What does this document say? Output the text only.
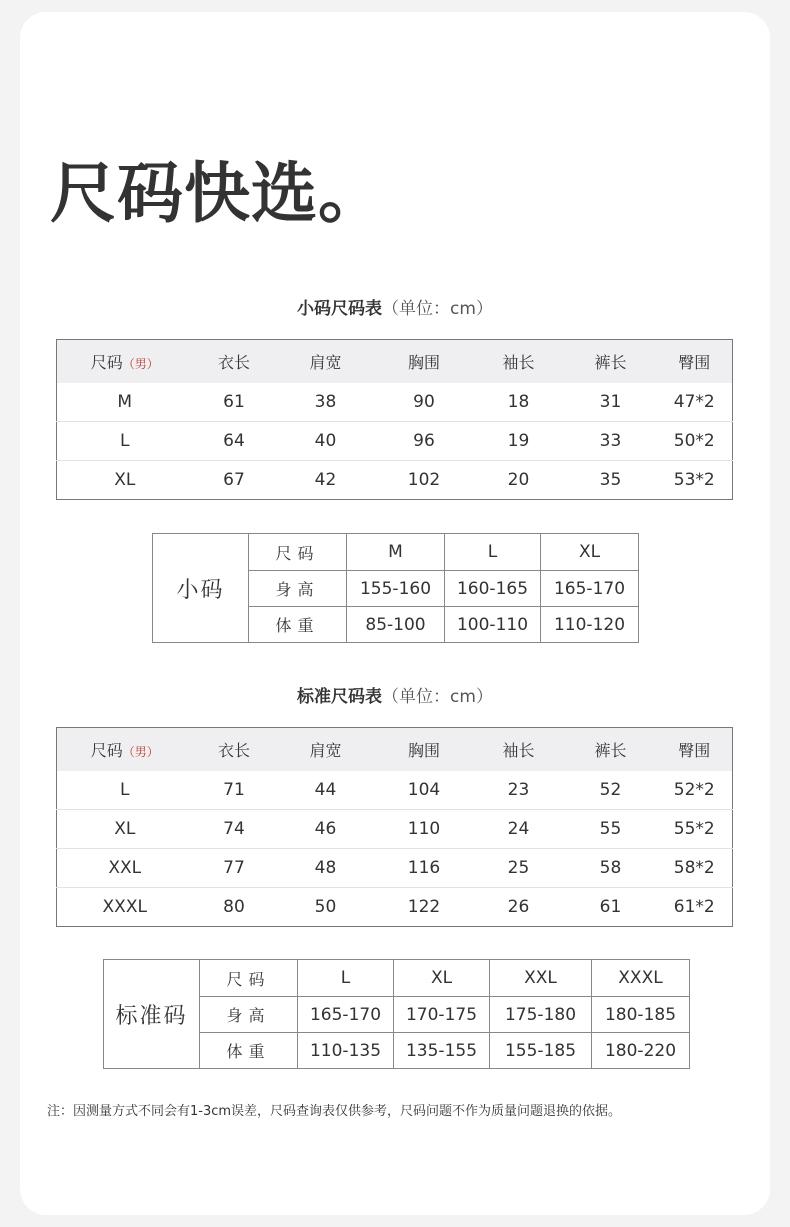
尺码快选。
小码尺码表（单位：cm）
尺码（男）	衣长	肩宽	胸围	袖长	裤长	臀围
M	61	38	90	18	31	47*2
L	64	40	96	19	33	50*2
XL	67	42	102	20	35	53*2
小码	尺码	M	L	XL
	身高	155-160	160-165	165-170
	体重	85-100	100-110	110-120
标准尺码表（单位：cm）
尺码（男）	衣长	肩宽	胸围	袖长	裤长	臀围
L	71	44	104	23	52	52*2
XL	74	46	110	24	55	55*2
XXL	77	48	116	25	58	58*2
XXXL	80	50	122	26	61	61*2
标准码	尺码	L	XL	XXL	XXXL
	身高	165-170	170-175	175-180	180-185
	体重	110-135	135-155	155-185	180-220
注：因测量方式不同会有1-3cm误差，尺码查询表仅供参考，尺码问题不作为质量问题退换的依据。
